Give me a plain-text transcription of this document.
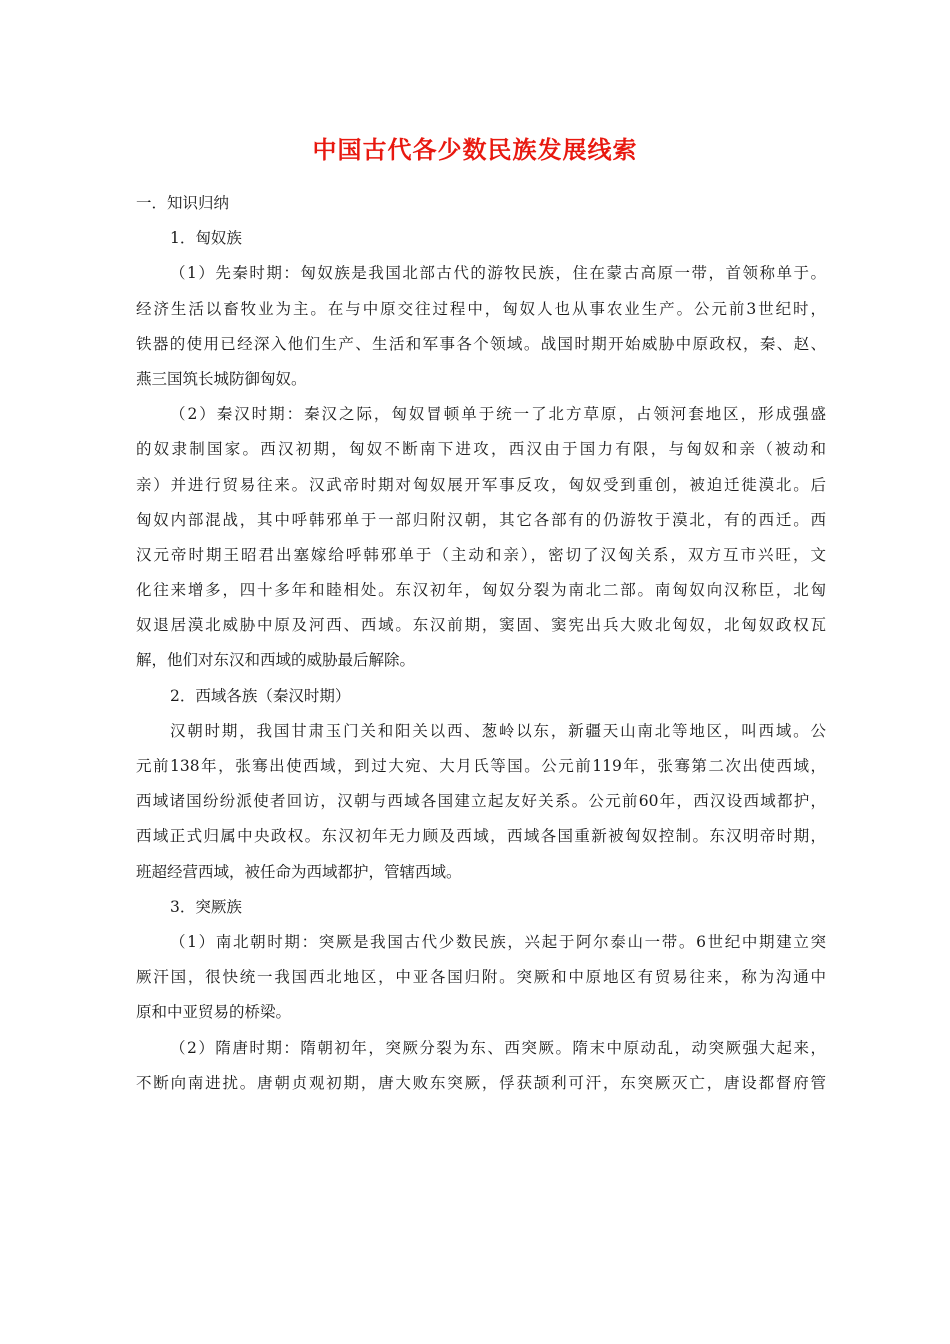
中国古代各少数民族发展线索
一．知识归纳
1．匈奴族
（1）先秦时期：匈奴族是我国北部古代的游牧民族，住在蒙古高原一带，首领称单于。
经济生活以畜牧业为主。在与中原交往过程中，匈奴人也从事农业生产。公元前3世纪时，
铁器的使用已经深入他们生产、生活和军事各个领域。战国时期开始威胁中原政权，秦、赵、
燕三国筑长城防御匈奴。
（2）秦汉时期：秦汉之际，匈奴冒顿单于统一了北方草原，占领河套地区，形成强盛
的奴隶制国家。西汉初期，匈奴不断南下进攻，西汉由于国力有限，与匈奴和亲（被动和
亲）并进行贸易往来。汉武帝时期对匈奴展开军事反攻，匈奴受到重创，被迫迁徙漠北。后
匈奴内部混战，其中呼韩邪单于一部归附汉朝，其它各部有的仍游牧于漠北，有的西迁。西
汉元帝时期王昭君出塞嫁给呼韩邪单于（主动和亲），密切了汉匈关系，双方互市兴旺，文
化往来增多，四十多年和睦相处。东汉初年，匈奴分裂为南北二部。南匈奴向汉称臣，北匈
奴退居漠北威胁中原及河西、西域。东汉前期，窦固、窦宪出兵大败北匈奴，北匈奴政权瓦
解，他们对东汉和西域的威胁最后解除。
2．西域各族（秦汉时期）
汉朝时期，我国甘肃玉门关和阳关以西、葱岭以东，新疆天山南北等地区，叫西域。公
元前138年，张骞出使西域，到过大宛、大月氏等国。公元前119年，张骞第二次出使西域，
西域诸国纷纷派使者回访，汉朝与西域各国建立起友好关系。公元前60年，西汉设西域都护，
西域正式归属中央政权。东汉初年无力顾及西域，西域各国重新被匈奴控制。东汉明帝时期，
班超经营西域，被任命为西域都护，管辖西域。
3．突厥族
（1）南北朝时期：突厥是我国古代少数民族，兴起于阿尔泰山一带。6世纪中期建立突
厥汗国，很快统一我国西北地区，中亚各国归附。突厥和中原地区有贸易往来，称为沟通中
原和中亚贸易的桥梁。
（2）隋唐时期：隋朝初年，突厥分裂为东、西突厥。隋末中原动乱，动突厥强大起来，
不断向南进扰。唐朝贞观初期，唐大败东突厥，俘获颉利可汗，东突厥灭亡，唐设都督府管
